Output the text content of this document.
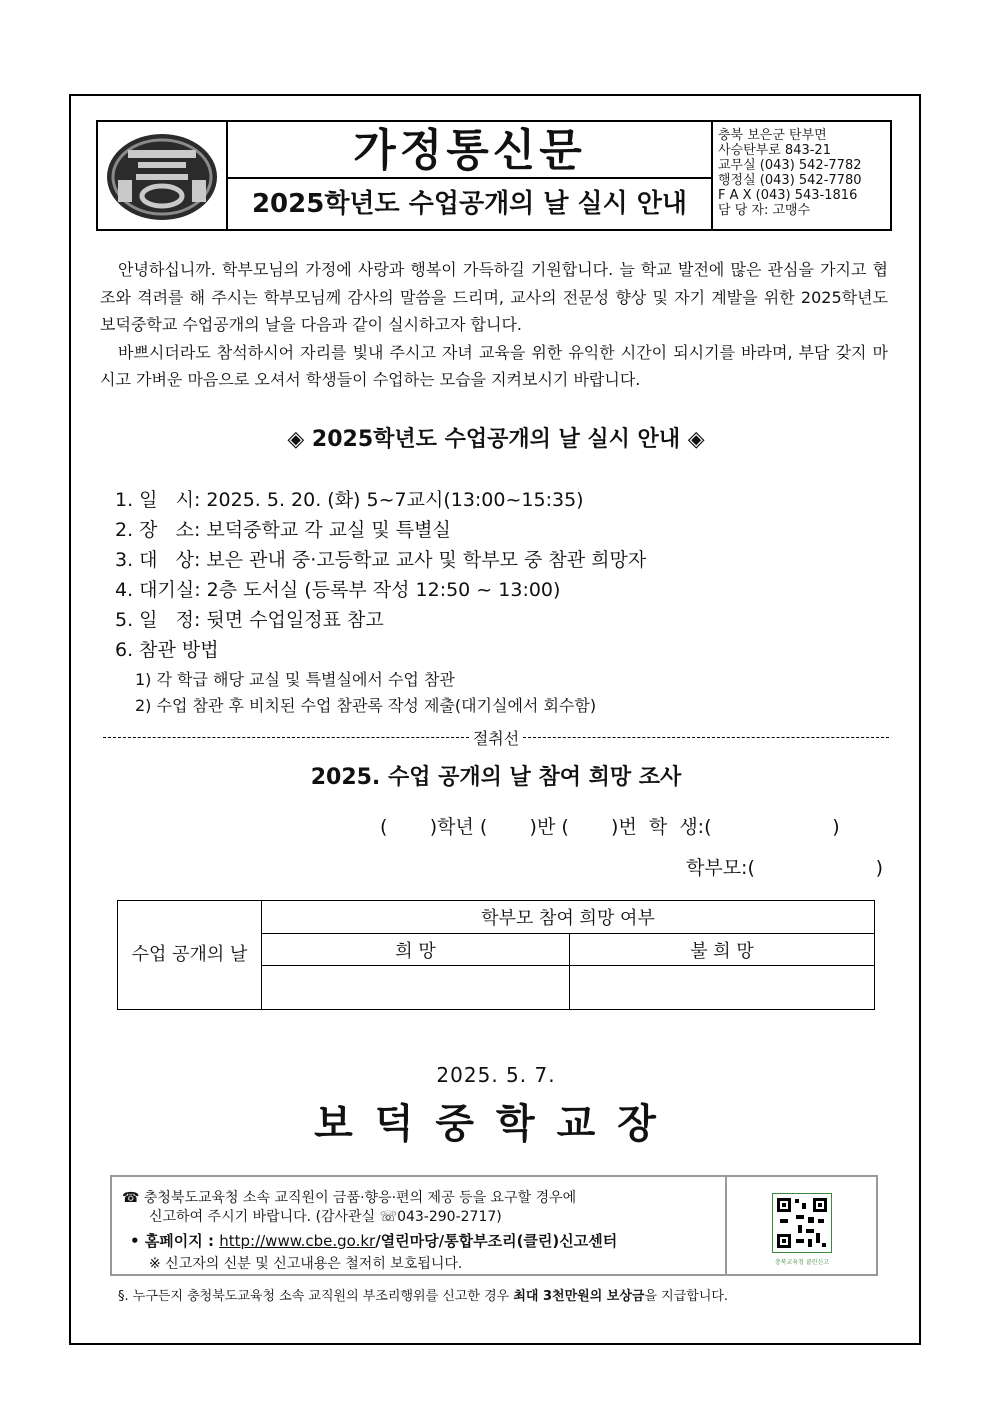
가정통신문
2025학년도 수업공개의 날 실시 안내
충북 보은군 탄부면
사승탄부로 843-21
교무실 (043) 542-7782
행정실 (043) 542-7780
F A X (043) 543-1816
담 당 자: 고맹수

안녕하십니까. 학부모님의 가정에 사랑과 행복이 가득하길 기원합니다. 늘 학교 발전에 많은 관심을 가지고 협조와 격려를 해 주시는 학부모님께 감사의 말씀을 드리며, 교사의 전문성 향상 및 자기 계발을 위한 2025학년도 보덕중학교 수업공개의 날을 다음과 같이 실시하고자 합니다.

바쁘시더라도 참석하시어 자리를 빛내 주시고 자녀 교육을 위한 유익한 시간이 되시기를 바라며, 부담 갖지 마시고 가벼운 마음으로 오셔서 학생들이 수업하는 모습을 지켜보시기 바랍니다.

◈ 2025학년도 수업공개의 날 실시 안내 ◈
1. 일   시: 2025. 5. 20. (화) 5~7교시(13:00~15:35)
2. 장   소: 보덕중학교 각 교실 및 특별실
3. 대   상: 보은 관내 중·고등학교 교사 및 학부모 중 참관 희망자
4. 대기실: 2층 도서실 (등록부 작성 12:50 ~ 13:00)
5. 일   정: 뒷면 수업일정표 참고
6. 참관 방법
1) 각 학급 해당 교실 및 특별실에서 수업 참관
2) 수업 참관 후 비치된 수업 참관록 작성 제출(대기실에서 회수함)
절취선
2025. 수업 공개의 날 참여 희망 조사
(       )학년 (       )반 (       )번  학  생:(                    )
학부모:(                    )
수업 공개의 날	학부모 참여 희망 여부	
	희 망	불 희 망

2025. 5. 7.
보덕중학교장
☎ 충청북도교육청 소속 교직원이 금품·향응·편의 제공 등을 요구할 경우에
신고하여 주시기 바랍니다. (감사관실 ☏043-290-2717)
• 홈페이지 : http://www.cbe.go.kr/열린마당/통합부조리(클린)신고센터
※ 신고자의 신분 및 신고내용은 철저히 보호됩니다.	충북교육청 클린신고
§. 누구든지 충청북도교육청 소속 교직원의 부조리행위를 신고한 경우 최대 3천만원의 보상금을 지급합니다.
